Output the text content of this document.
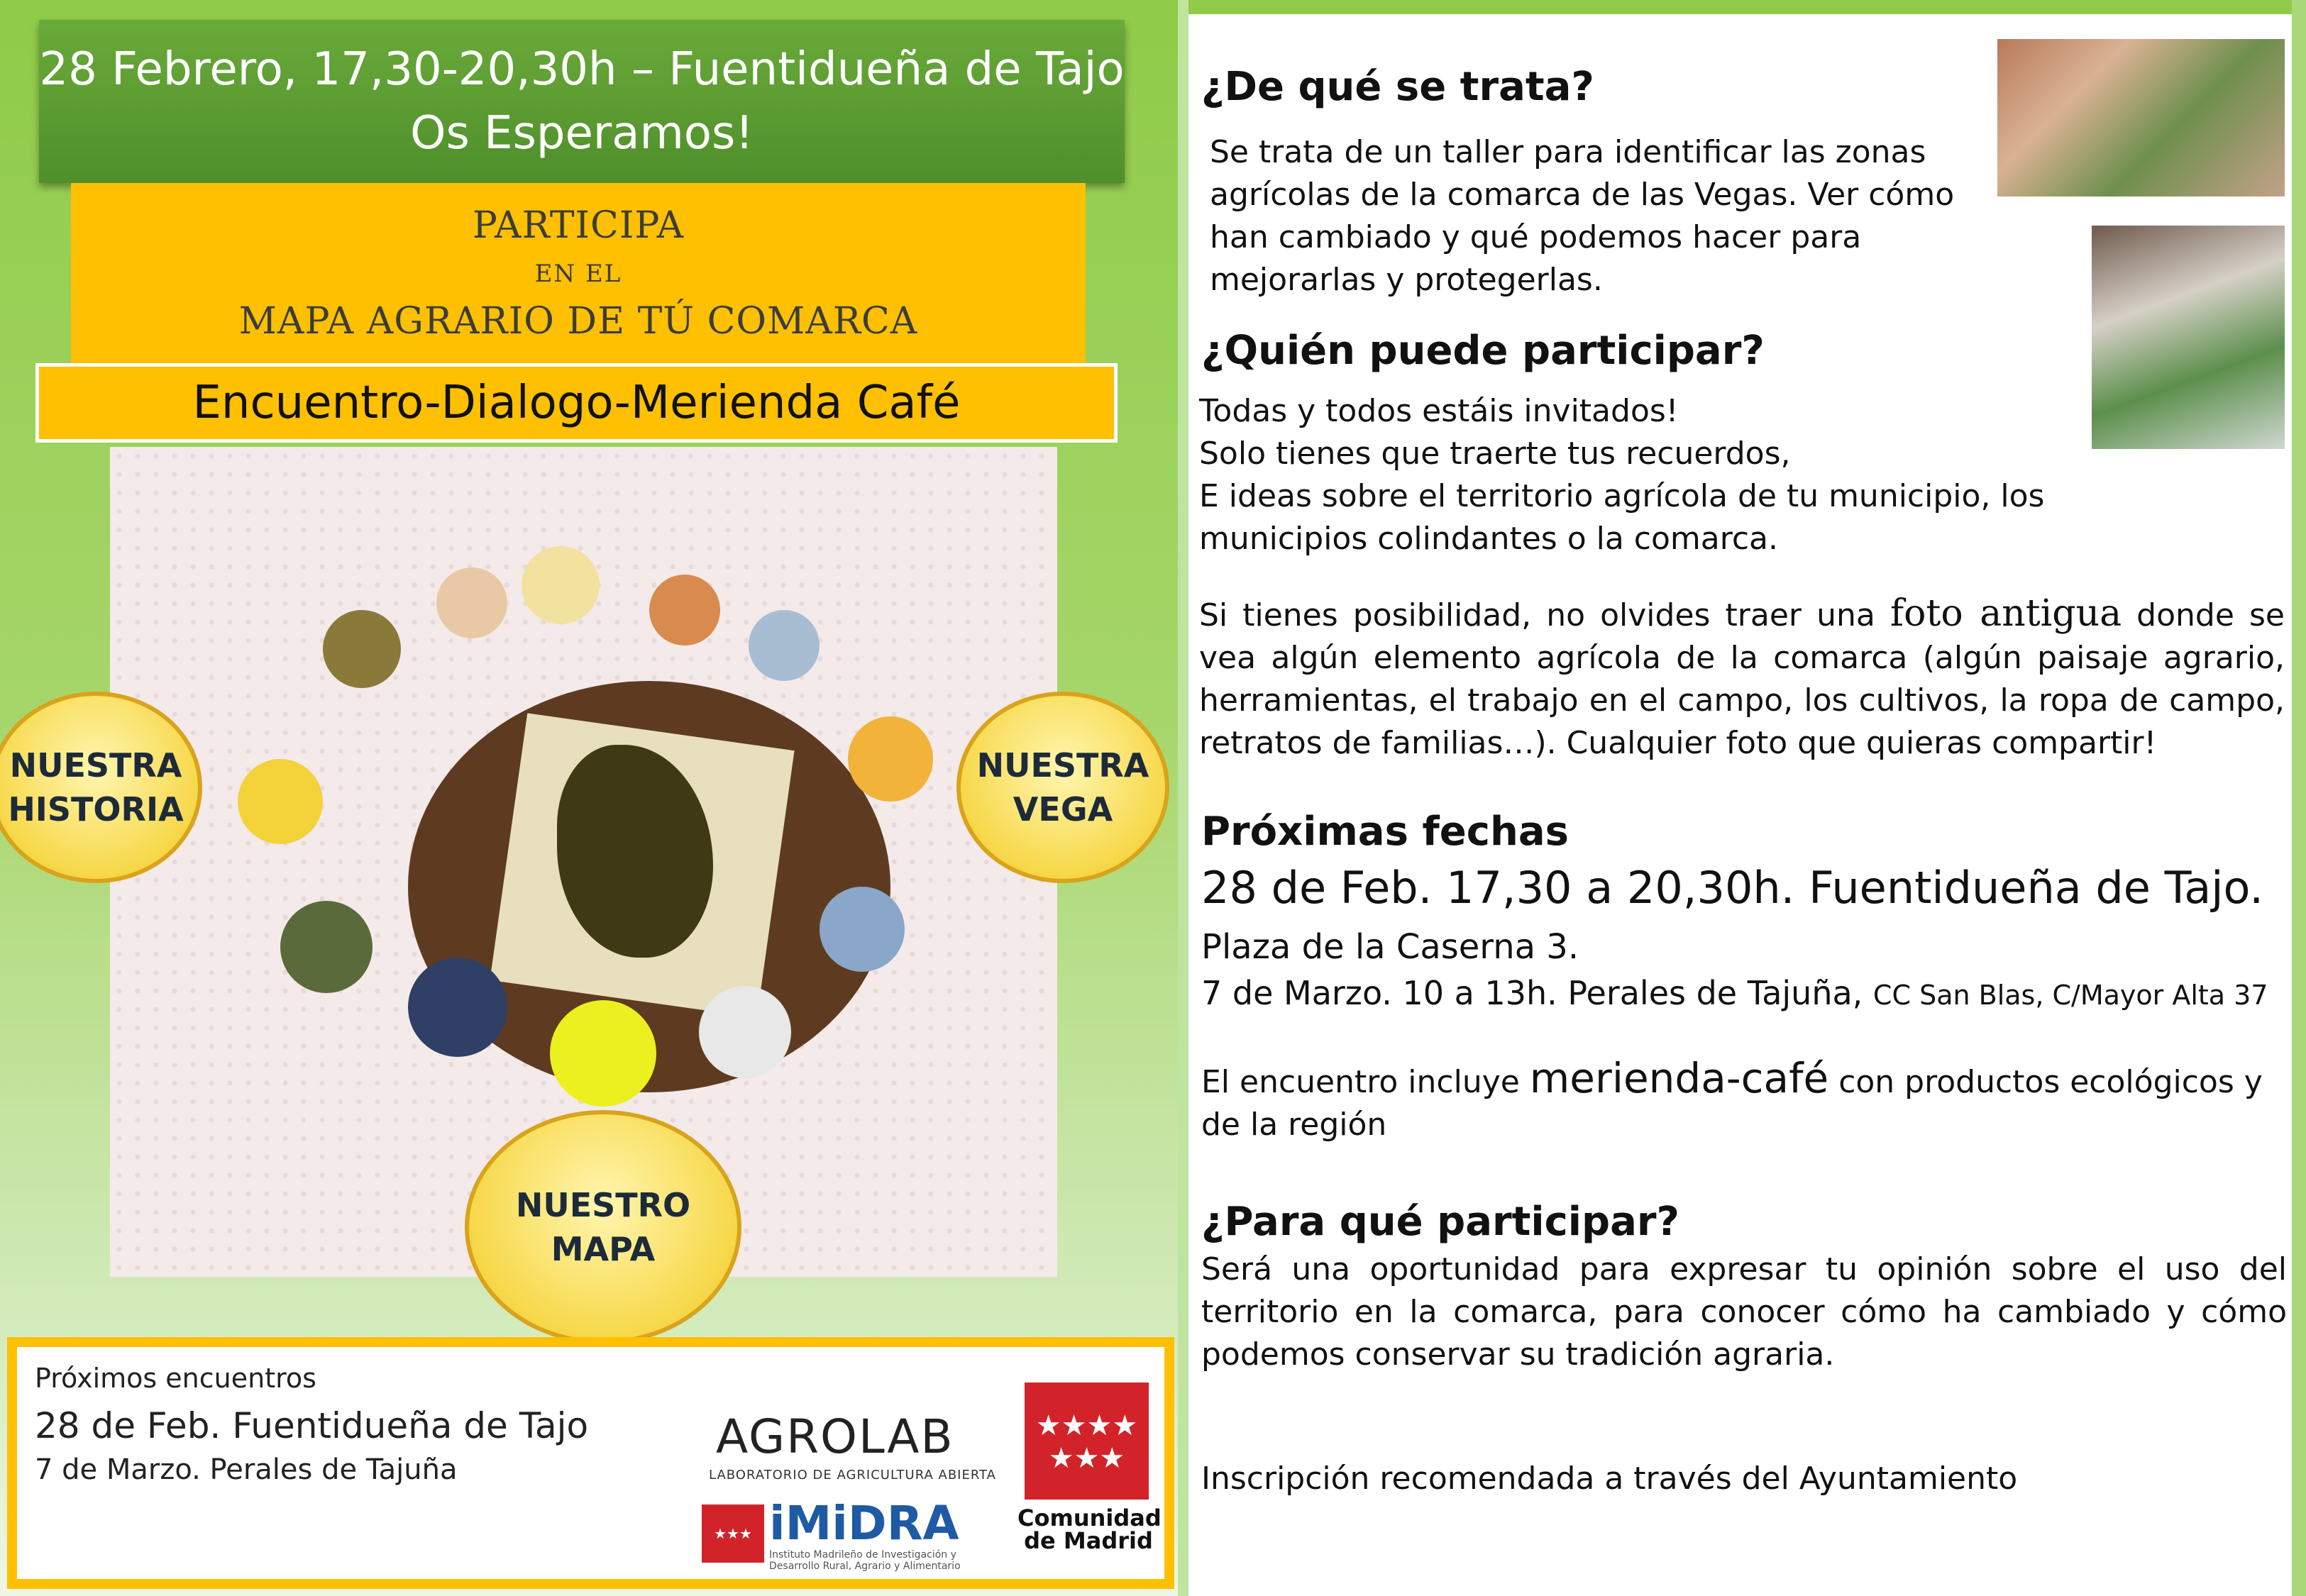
28 Febrero, 17,30-20,30h – Fuentidueña de Tajo
Os Esperamos!
PARTICIPA
EN EL
MAPA AGRARIO DE TÚ COMARCA
Encuentro-Dialogo-Merienda Café
NUESTRA
HISTORIA
NUESTRA
VEGA
NUESTRO
MAPA
Próximos encuentros
28 de Feb. Fuentidueña de Tajo
7 de Marzo. Perales de Tajuña
AGROLAB
LABORATORIO DE AGRICULTURA ABIERTA
★★★ iMiDRA
Instituto Madrileño de Investigación y Desarrollo Rural, Agrario y Alimentario
★★★★
★★★
Comunidad
de Madrid
¿De qué se trata?
Se trata de un taller para identificar las zonas agrícolas de la comarca de las Vegas. Ver cómo han cambiado y qué podemos hacer para mejorarlas y protegerlas.
¿Quién puede participar?
Todas y todos estáis invitados!
Solo tienes que traerte tus recuerdos,
E ideas sobre el territorio agrícola de tu municipio, los municipios colindantes o la comarca.
Si tienes posibilidad, no olvides traer una foto antigua donde se vea algún elemento agrícola de la comarca (algún paisaje agrario, herramientas, el trabajo en el campo, los cultivos, la ropa de campo, retratos de familias…). Cualquier foto que quieras compartir!
Próximas fechas
28 de Feb. 17,30 a 20,30h. Fuentidueña de Tajo.
Plaza de la Caserna 3.
7 de Marzo. 10 a 13h. Perales de Tajuña, CC San Blas, C/Mayor Alta 37
El encuentro incluye merienda-café con productos ecológicos y de la región
¿Para qué participar?
Será una oportunidad para expresar tu opinión sobre el uso del territorio en la comarca, para conocer cómo ha cambiado y cómo podemos conservar su tradición agraria.
Inscripción recomendada a través del Ayuntamiento
